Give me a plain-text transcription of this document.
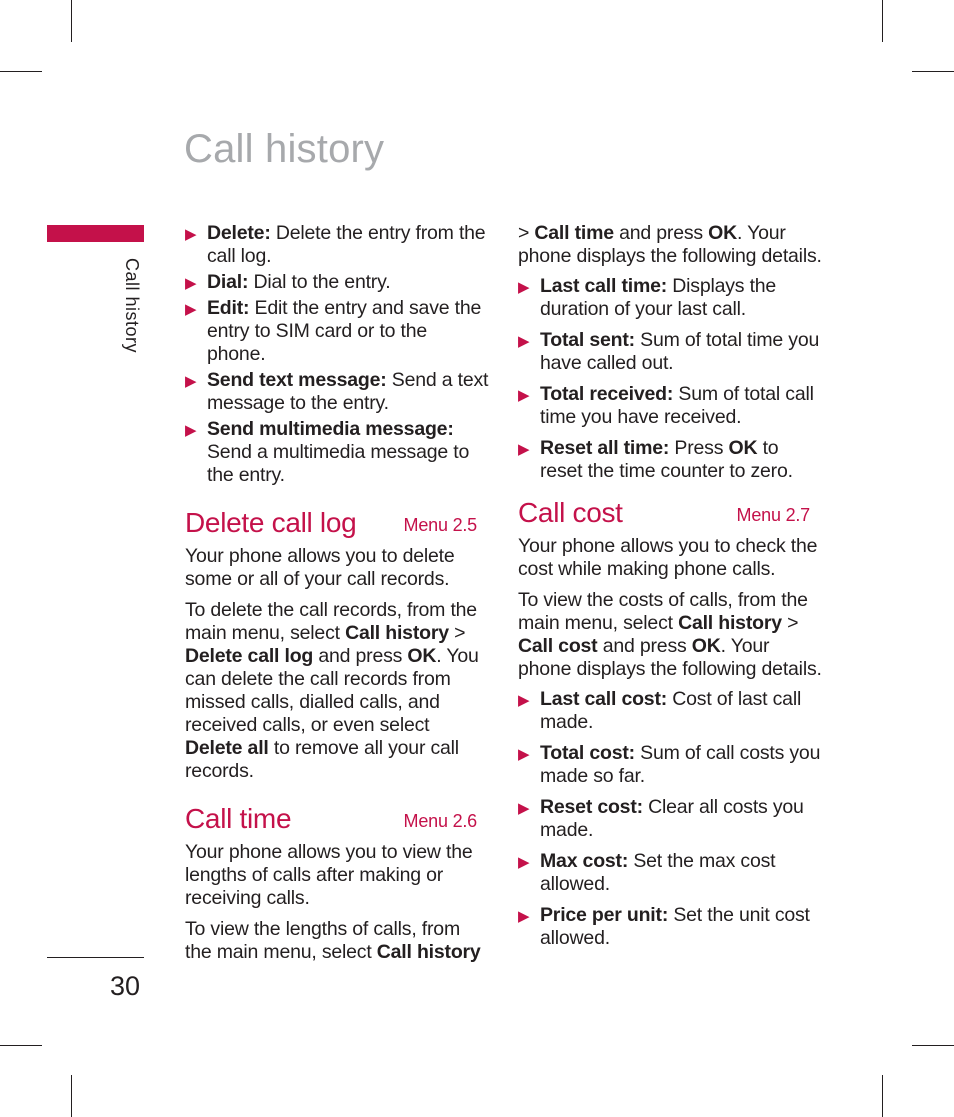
Call history
Call history
30
▶ Delete: Delete the entry from the call log.
▶ Dial: Dial to the entry.
▶ Edit: Edit the entry and save the entry to SIM card or to the phone.
▶ Send text message: Send a text message to the entry.
▶ Send multimedia message: Send a multimedia message to the entry.
Delete call log	Menu 2.5

Your phone allows you to delete some or all of your call records.

To delete the call records, from the main menu, select Call history > Delete call log and press OK. You can delete the call records from missed calls, dialled calls, and received calls, or even select Delete all to remove all your call records.

Call time	Menu 2.6

Your phone allows you to view the lengths of calls after making or receiving calls.

To view the lengths of calls, from the main menu, select Call history

> Call time and press OK. Your phone displays the following details.

▶ Last call time: Displays the duration of your last call.
▶ Total sent: Sum of total time you have called out.
▶ Total received: Sum of total call time you have received.
▶ Reset all time: Press OK to reset the time counter to zero.
Call cost	Menu 2.7

Your phone allows you to check the cost while making phone calls.

To view the costs of calls, from the main menu, select Call history > Call cost and press OK. Your phone displays the following details.

▶ Last call cost: Cost of last call made.
▶ Total cost: Sum of call costs you made so far.
▶ Reset cost: Clear all costs you made.
▶ Max cost: Set the max cost allowed.
▶ Price per unit: Set the unit cost allowed.
